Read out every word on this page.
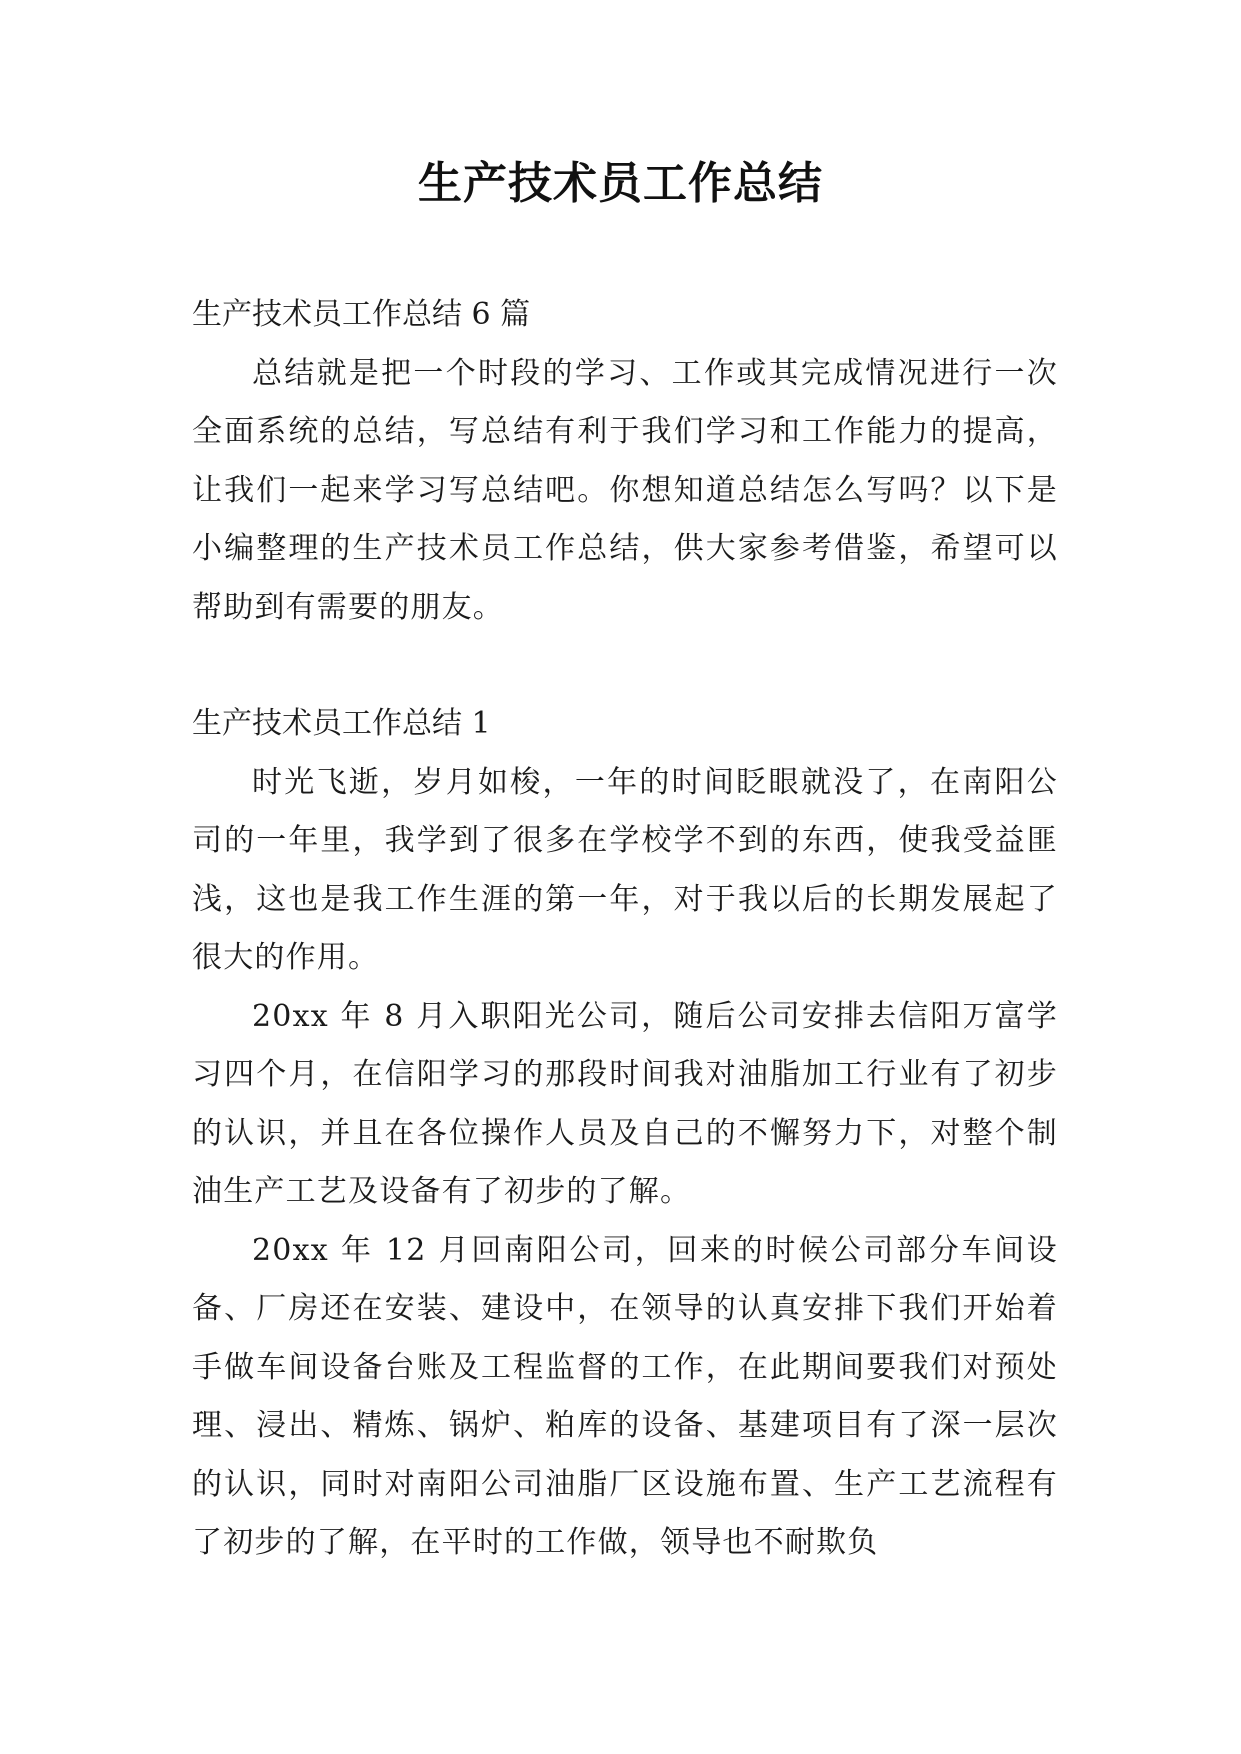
生产技术员工作总结

生产技术员工作总结 6 篇

总结就是把一个时段的学习、工作或其完成情况进行一次全面系统的总结，写总结有利于我们学习和工作能力的提高，让我们一起来学习写总结吧。你想知道总结怎么写吗？以下是小编整理的生产技术员工作总结，供大家参考借鉴，希望可以帮助到有需要的朋友。

生产技术员工作总结 1

时光飞逝，岁月如梭，一年的时间眨眼就没了，在南阳公司的一年里，我学到了很多在学校学不到的东西，使我受益匪浅，这也是我工作生涯的第一年，对于我以后的长期发展起了很大的作用。

20xx 年 8 月入职阳光公司，随后公司安排去信阳万富学习四个月，在信阳学习的那段时间我对油脂加工行业有了初步的认识，并且在各位操作人员及自己的不懈努力下，对整个制油生产工艺及设备有了初步的了解。

20xx 年 12 月回南阳公司，回来的时候公司部分车间设备、厂房还在安装、建设中，在领导的认真安排下我们开始着手做车间设备台账及工程监督的工作，在此期间要我们对预处理、浸出、精炼、锅炉、粕库的设备、基建项目有了深一层次的认识，同时对南阳公司油脂厂区设施布置、生产工艺流程有了初步的了解，在平时的工作做，领导也不耐欺负
